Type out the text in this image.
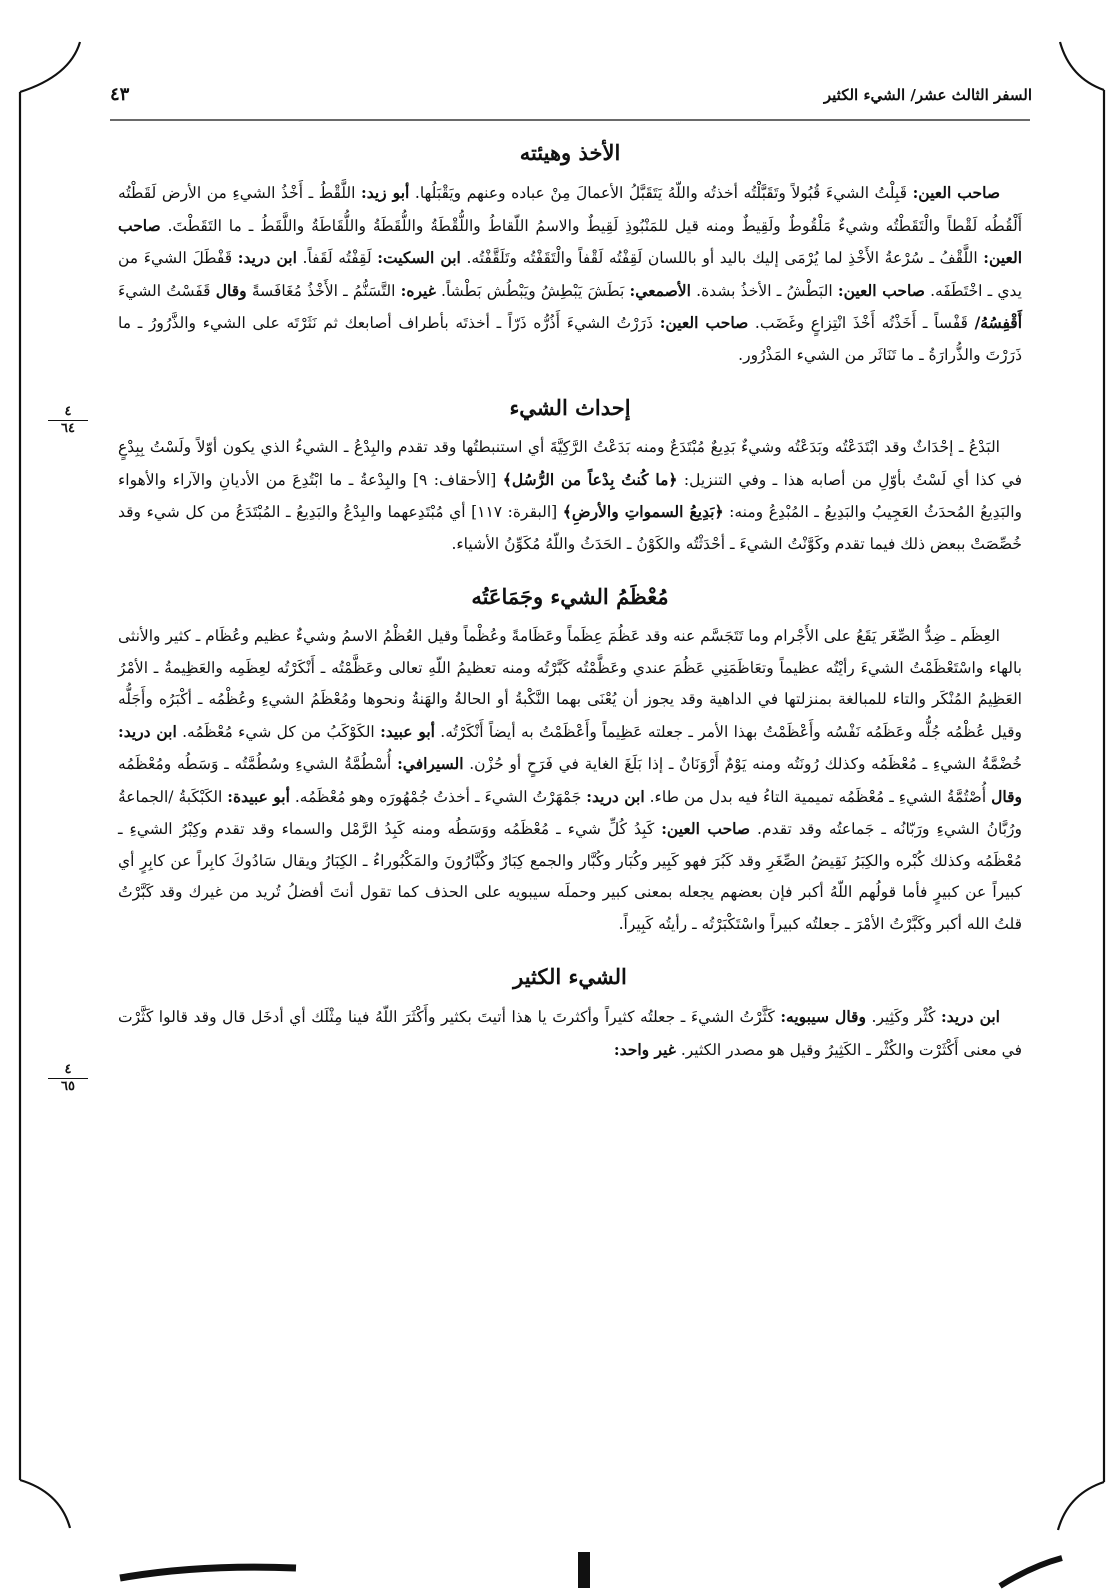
السفر الثالث عشر/ الشيء الكثير
٤٣
٤
٦٤
٤
٦٥
الأخذ وهيئته

صاحب العين: قَبِلْتُ الشيءَ قُبُولاً وتَقَبَّلْتُه أخذتُه واللّهُ يَتَقَبَّلُ الأعمالَ مِنْ عباده وعنهم ويَقْبَلُها. أبو زيد: اللَّقْطُ ـ أَخْذُ الشيءِ من الأرض لَقَطْتُه أَلْقُطُه لَقْطاً والْتَقَطْتُه وشيءٌ مَلْقُوطٌ ولَقِيطٌ ومنه قيل للمَنْبُوذِ لَقِيطٌ والاسمُ اللّقاطُ واللُّقْطَةُ واللُّقَطَةُ واللُّقَاطَةُ واللَّقَطُ ـ ما التَقَطْتَ. صاحب العين: اللَّقْفُ ـ سُرْعةُ الأَخْذِ لما يُرْمَى إليك باليد أو باللسان لَقِفْتُه لَقْفاً والْتَقَفْتُه وتَلَقَّفْتُه. ابن السكيت: لَقِفْتُه لَقَفاً. ابن دريد: قَفْطَلَ الشيءَ من يدي ـ اخْتَطَفَه. صاحب العين: البَطْشُ ـ الأخذُ بشدة. الأصمعي: بَطَشَ يَبْطِشُ ويَبْطُش بَطْشاً. غيره: التَّسَنُّمُ ـ الأَخْذُ مُغَافَسةً وقال قَفَسْتُ الشيءَ أَقْفِسُهُ/ قَفْساً ـ أَخَذْتُه أَخْذَ انْتِزاعٍ وغَضَب. صاحب العين: ذَرَرْتُ الشيءَ أَذُرُّه ذَرّاً ـ أخذتَه بأطراف أصابعك ثم نَثَرْتَه على الشيء والذَّرُورُ ـ ما ذَرَرْتَ والذُّرارَةُ ـ ما تَنَاثَر من الشيء المَذْرُور.

إحداث الشيء

البَدْعُ ـ إحْدَاثٌ وقد ابْتَدَعْتُه وبَدَعْتُه وشيءٌ بَدِيعٌ مُبْتَدَعٌ ومنه بَدَعْتُ الرَّكِيَّةَ أي استنبطتُها وقد تقدم والبِدْعُ ـ الشيءُ الذي يكون أوّلاً ولَسْتُ بِبِدْعٍ في كذا أي لَسْتُ بأوّلِ من أصابه هذا ـ وفي التنزيل: ﴿ما كُنتُ بِدْعاً من الرُّسُل﴾ [الأحقاف: ٩] والبِدْعةُ ـ ما ابْتُدِعَ من الأديانِ والآراء والأهواء والبَدِيعُ المُحدَثُ العَجِيبُ والبَدِيعُ ـ المُبْدِعُ ومنه: ﴿بَدِيعُ السمواتِ والأرضِ﴾ [البقرة: ١١٧] أي مُبْتَدِعهما والبِدْعُ والبَدِيعُ ـ المُبْتَدَعُ من كل شيء وقد خُصِّصَتْ ببعض ذلك فيما تقدم وكَوَّنْتُ الشيءَ ـ أحْدَثْتُه والكَوْنُ ـ الحَدَثُ واللّهُ مُكَوِّنُ الأشياء.

مُعْظَمُ الشيء وجَمَاعَتُه

العِظَم ـ ضِدُّ الصِّغَر يَقَعُ على الأَجْرام وما تَتَجَسَّم عنه وقد عَظُمَ عِظَماً وعَظَامةً وعُظْماً وقيل العُظْمُ الاسمُ وشيءٌ عظيم وعُظَام ـ كثير والأنثى بالهاء واسْتَعْظَمْتُ الشيءَ رأيْتُه عظيماً وتعَاظَمَنِي عَظُمَ عندي وعَظَّمْتُه كَبَّرْتُه ومنه تعظيمُ اللّهِ تعالى وعَظَّمْتُه ـ أَنْكَرْتُه لعِظَمِه والعَظِيمةُ ـ الأمْرُ العَظِيمُ المُنْكَر والتاء للمبالغة بمنزلتها في الداهية وقد يجوز أن يُعْنَى بهما النَّكْبةُ أو الحالةُ والهَنةُ ونحوها ومُعْظَمُ الشيءِ وعُظْمُه ـ أكْبَرُه وأَجَلُّه وقيل عُظْمُه جُلُّه وعَظَمُه نَفْسُه وأَعْظَمْتُ بهذا الأمر ـ جعلته عَظِيماً وأَعْظَمْتُ به أيضاً أَنْكَرْتُه. أبو عبيد: الكَوْكَبُ من كل شيء مُعْظَمُه. ابن دريد: خُضْمَّةُ الشيءِ ـ مُعْظَمُه وكذلك رُونَتُه ومنه يَوْمٌ أَرْوَنَانٌ ـ إذا بَلَغَ الغاية في فَرَحٍ أو حُزْن. السيرافي: أُسْطُمَّةُ الشيءِ وسُطُمَّتُه ـ وَسَطُه ومُعْظَمُه وقال أُصْتُمَّةُ الشيءِ ـ مُعْظَمُه تميمية التاءُ فيه بدل من طاء. ابن دريد: جَمْهَرْتُ الشيءَ ـ أخذتُ جُمْهُورَه وهو مُعْظَمُه. أبو عبيدة: الكَبْكَبةُ /الجماعةُ ورُبَّانُ الشيءِ ورَبّانُه ـ جَماعتُه وقد تقدم. صاحب العين: كَبِدُ كُلِّ شيء ـ مُعْظَمُه ووَسَطُه ومنه كَبِدُ الرَّمْل والسماء وقد تقدم وكِبْرُ الشيءِ ـ مُعْظَمُه وكذلك كُبْره والكِبَرُ نَقِيضُ الصِّغَرِ وقد كَبُرَ فهو كَبِير وكُبَار وكُبَّار والجمع كِبَارٌ وكُبَّارُونَ والمَكْبُوراءُ ـ الكِبَارُ ويقال سَادُوكَ كابِراً عن كابِرٍ أي كبيراً عن كبيرٍ فأما قولُهم اللّهُ أكبر فإن بعضهم يجعله بمعنى كبير وحملَه سيبويه على الحذف كما تقول أنتَ أفضلُ تُريد من غيرك وقد كَبَّرْتُ قلتُ الله أكبر وكَبَّرْتُ الأمْرَ ـ جعلتُه كبيراً واسْتَكْبَرْتُه ـ رأيتُه كَبِيراً.

الشيء الكثير

ابن دريد: كُثْر وكَثِير. وقال سيبويه: كَثَّرْتُ الشيءَ ـ جعلتُه كثيراً وأكثرتَ يا هذا أتيتَ بكثير وأَكْثَرَ اللّهُ فينا مِثْلَك أي أدخَل قال وقد قالوا كَثَّرْت في معنى أَكْثَرْت والكُثْر ـ الكَثِيرُ وقيل هو مصدر الكثير. غير واحد:
